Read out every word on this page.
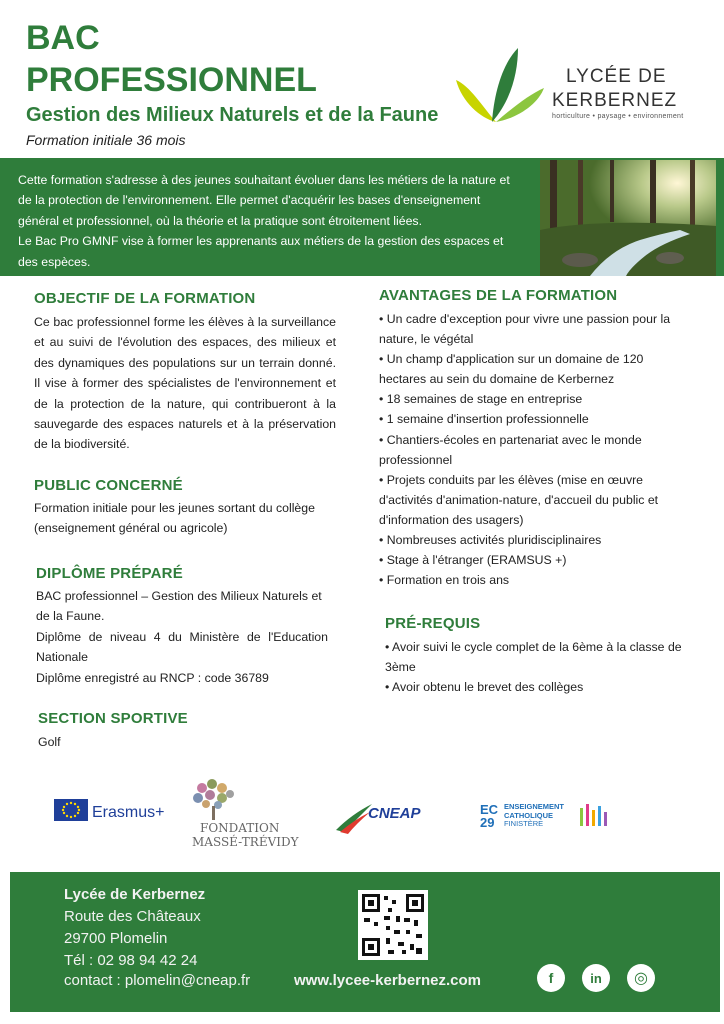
BAC
PROFESSIONNEL
Gestion des Milieux Naturels et de la Faune
Formation initiale 36 mois
LYCÉE DE
KERBERNEZ
horticulture • paysage • environnement
Cette formation s'adresse à des jeunes souhaitant évoluer dans les métiers de la nature et
de la protection de l'environnement. Elle permet d'acquérir les bases d'enseignement
général et professionnel, où la théorie et la pratique sont étroitement liées.
Le Bac Pro GMNF vise à former les apprenants aux métiers de la gestion des espaces et
des espèces.
OBJECTIF DE LA FORMATION
Ce bac professionnel forme les élèves à la surveillance et au suivi de l'évolution des espaces, des milieux et des dynamiques des populations sur un terrain donné. Il vise à former des spécialistes de l'environnement et de la protection de la nature, qui contribueront à la sauvegarde des espaces naturels et à la préservation de la biodiversité.
PUBLIC CONCERNÉ
Formation initiale pour les jeunes sortant du collège (enseignement général ou agricole)
DIPLÔME PRÉPARÉ
BAC professionnel – Gestion des Milieux Naturels et de la Faune.
Diplôme de niveau 4 du Ministère de l'Education Nationale
Diplôme enregistré au RNCP : code 36789
SECTION SPORTIVE
Golf
AVANTAGES DE LA FORMATION
• Un cadre d'exception pour vivre une passion pour la nature, le végétal
• Un champ d'application sur un domaine de 120 hectares au sein du domaine de Kerbernez
• 18 semaines de stage en entreprise
• 1 semaine d'insertion professionnelle
• Chantiers-écoles en partenariat avec le monde professionnel
• Projets conduits par les élèves (mise en œuvre d'activités d'animation-nature, d'accueil du public et d'information des usagers)
• Nombreuses activités pluridisciplinaires
• Stage à l'étranger (ERAMSUS +)
• Formation en trois ans
PRÉ-REQUIS
• Avoir suivi le cycle complet de la 6ème à la classe de 3ème
• Avoir obtenu le brevet des collèges
Erasmus+
FONDATION
MASSÉ-TRÉVIDY
CNEAP	EC
29
ENSEIGNEMENT
CATHOLIQUE
FINISTÈRE
Lycée de Kerbernez
Route des Châteaux
29700 Plomelin
Tél : 02 98 94 42 24
contact : plomelin@cneap.fr	www.lycee-kerbernez.com	f	in	◎
